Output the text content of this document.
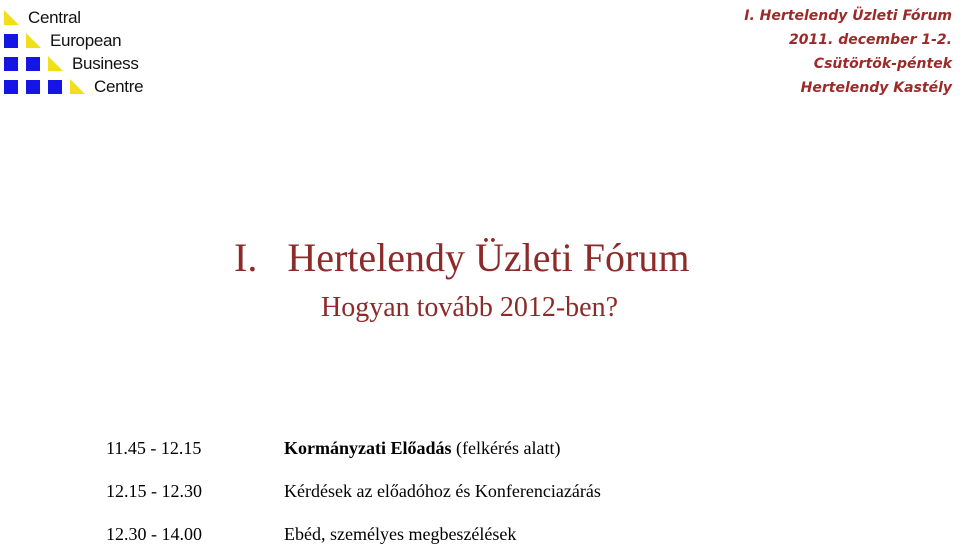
Central
European
Business
Centre
I. Hertelendy Üzleti Fórum
2011. december 1-2.
Csütörtök-péntek
Hertelendy Kastély
I. Hertelendy Üzleti Fórum
Hogyan tovább 2012-ben?
11.45 - 12.15	Kormányzati Előadás (felkérés alatt)
12.15 - 12.30	Kérdések az előadóhoz és Konferenciazárás
12.30 - 14.00	Ebéd, személyes megbeszélések
